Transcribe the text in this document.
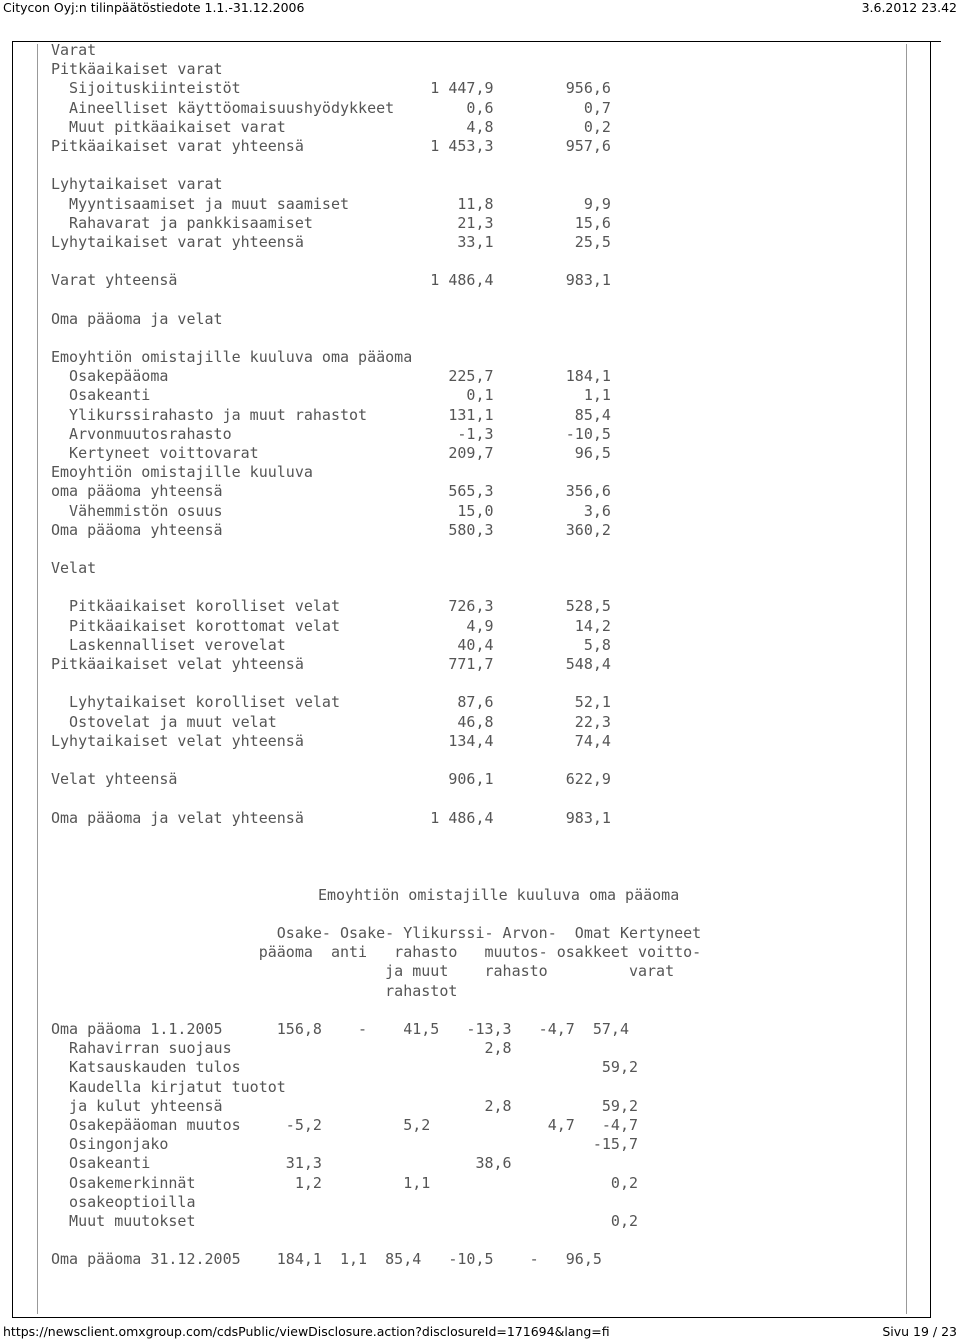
Citycon Oyj:n tilinpäätöstiedote 1.1.-31.12.2006	3.6.2012 23.42
Varat
Pitkäaikaiset varat
Sijoituskiinteistöt                     1 447,9        956,6
Aineelliset käyttöomaisuushyödykkeet        0,6          0,7
Muut pitkäaikaiset varat                    4,8          0,2
Pitkäaikaiset varat yhteensä              1 453,3        957,6

Lyhytaikaiset varat
Myyntisaamiset ja muut saamiset            11,8          9,9
Rahavarat ja pankkisaamiset                21,3         15,6
Lyhytaikaiset varat yhteensä                 33,1         25,5

Varat yhteensä                            1 486,4        983,1

Oma pääoma ja velat

Emoyhtiön omistajille kuuluva oma pääoma
Osakepääoma                               225,7        184,1
Osakeanti                                   0,1          1,1
Ylikurssirahasto ja muut rahastot         131,1         85,4
Arvonmuutosrahasto                         -1,3        -10,5
Kertyneet voittovarat                     209,7         96,5
Emoyhtiön omistajille kuuluva
oma pääoma yhteensä                         565,3        356,6
Vähemmistön osuus                          15,0          3,6
Oma pääoma yhteensä                         580,3        360,2

Velat

Pitkäaikaiset korolliset velat            726,3        528,5
Pitkäaikaiset korottomat velat              4,9         14,2
Laskennalliset verovelat                   40,4          5,8
Pitkäaikaiset velat yhteensä                771,7        548,4

Lyhytaikaiset korolliset velat             87,6         52,1
Ostovelat ja muut velat                    46,8         22,3
Lyhytaikaiset velat yhteensä                134,4         74,4

Velat yhteensä                              906,1        622,9

Oma pääoma ja velat yhteensä              1 486,4        983,1
Emoyhtiön omistajille kuuluva oma pääoma
Osake- Osake- Ylikurssi- Arvon-  Omat Kertyneet
pääoma  anti   rahasto   muutos- osakkeet voitto-
ja muut    rahasto         varat
rahastot
Oma pääoma 1.1.2005      156,8    -    41,5   -13,3   -4,7  57,4
Rahavirran suojaus                            2,8
Katsauskauden tulos                                        59,2
Kaudella kirjatut tuotot
ja kulut yhteensä                             2,8          59,2
Osakepääoman muutos     -5,2         5,2             4,7   -4,7
Osingonjako                                               -15,7
Osakeanti               31,3                 38,6
Osakemerkinnät           1,2         1,1                    0,2
osakeoptioilla
Muut muutokset                                              0,2

Oma pääoma 31.12.2005    184,1  1,1  85,4   -10,5    -   96,5
https://newsclient.omxgroup.com/cdsPublic/viewDisclosure.action?disclosureId=171694&lang=fi	Sivu 19 / 23
